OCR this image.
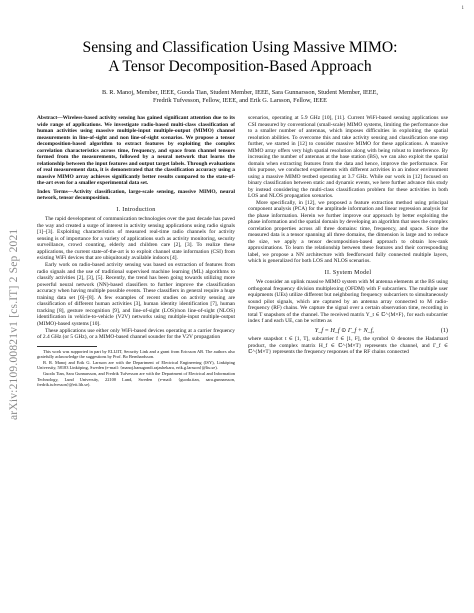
1
arXiv:2109.00821v1 [cs.IT] 2 Sep 2021
Sensing and Classification Using Massive MIMO:
A Tensor Decomposition-Based Approach
B. R. Manoj, Member, IEEE, Guoda Tian, Student Member, IEEE, Sara Gunnarsson, Student Member, IEEE,
Fredrik Tufvesson, Fellow, IEEE, and Erik G. Larsson, Fellow, IEEE

Abstract—Wireless-based activity sensing has gained significant attention due to its wide range of applications. We investigate radio-based multi-class classification of human activities using massive multiple-input multiple-output (MIMO) channel measurements in line-of-sight and non line-of-sight scenarios. We propose a tensor decomposition-based algorithm to extract features by exploiting the complex correlation characteristics across time, frequency, and space from channel tensors formed from the measurements, followed by a neural network that learns the relationship between the input features and output target labels. Through evaluations of real measurement data, it is demonstrated that the classification accuracy using a massive MIMO array achieves significantly better results compared to the state-of-the-art even for a smaller experimental data set.

Index Terms—Activity classification, large-scale sensing, massive MIMO, neural network, tensor decomposition.

I. Introduction

The rapid development of communication technologies over the past decade has paved the way and created a surge of interest in activity sensing applications using radio signals [1]–[3]. Exploiting characteristics of measured real-time radio channels for activity sensing is of importance for a variety of applications such as activity monitoring, security surveillance, crowd counting, elderly and children care [2], [3]. To realize these applications, the current state-of-the-art is to exploit channel state information (CSI) from existing WiFi devices that are ubiquitously available indoors [4].

Early work on radio-based activity sensing was based on extraction of features from radio signals and the use of traditional supervised machine learning (ML) algorithms to classify activities [2], [3], [5]. Recently, the trend has been going towards utilizing more powerful neural network (NN)-based classifiers to further improve the classification accuracy when having multiple possible events. These classifiers in general require a huge training data set [6]–[8]. A few examples of recent studies on activity sensing are classification of different human activities [3], human identity identification [7], human tracking [8], gesture recognition [9], and line-of-sight (LOS)/non line-of-sight (NLOS) identification in vehicle-to-vehicle (V2V) networks using multiple-input multiple-output (MIMO)-based systems [10].

These applications use either only WiFi-based devices operating at a carrier frequency of 2.4 GHz (or 5 GHz), or a MIMO-based channel sounder for the V2V propagation

This work was supported in part by ELLIIT, Security Link and a grant from Ericsson AB. The authors also gratefully acknowledge the suggestions by Prof. Bo Bernhardsson.

B. R. Manoj and Erik G. Larsson are with the Department of Electrical Engineering (ISY), Linköping University, 58183 Linköping, Sweden (e-mail: {manoj.banugondi.rajashekara, erik.g.larsson}@liu.se).

Guoda Tian, Sara Gunnarsson, and Fredrik Tufvesson are with the Department of Electrical and Information Technology, Lund University, 22100 Lund, Sweden (e-mail: {guoda.tian, sara.gunnarsson, fredrik.tufvesson}@eit.lth.se).

scenarios, operating at 5.9 GHz [10], [11]. Current WiFi-based sensing applications use CSI measured by conventional (small-scale) MIMO systems, limiting the performance due to a smaller number of antennas, which imposes difficulties in exploiting the spatial resolution abilities. To overcome this and take activity sensing and classification one step further, we started in [12] to consider massive MIMO for these applications. A massive MIMO array offers very high spatial resolution along with being robust to interference. By increasing the number of antennas at the base station (BS), we can also exploit the spatial domain when extracting features from the data and hence, improve the performance. For this purpose, we conducted experiments with different activities in an indoor environment using a massive MIMO testbed operating at 3.7 GHz. While our work in [12] focused on binary classification between static and dynamic events, we here further advance this study by instead considering the multi-class classification problem for these activities in both LOS and NLOS propagation scenarios.

More specifically, in [12], we proposed a feature extraction method using principal component analysis (PCA) for the amplitude information and linear regression analysis for the phase information. Herein we further improve our approach by better exploiting the phase information and the spatial domain by developing an algorithm that uses the complex correlation properties across all three domains: time, frequency, and space. Since the measured data is a tensor spanning all three domains, the dimension is large and to reduce the size, we apply a tensor decomposition-based approach to obtain low-rank approximations. To learn the relationship between these features and their corresponding label, we propose a NN architecture with feedforward fully connected multiple layers, which is generalized for both LOS and NLOS scenarios.

II. System Model

We consider an uplink massive MIMO system with M antenna elements at the BS using orthogonal frequency division multiplexing (OFDM) with F subcarriers. The multiple user equipments (UEs) utilize different but neighboring frequency subcarriers to simultaneously sound pilot signals, which are captured by an antenna array connected to M radio-frequency (RF) chains. We capture the signal over a certain observation time, recording in total T snapshots of the channel. The received matrix Y_t ∈ ℂ^{M×F}, for each subcarrier index f and each UE, can be written as

Y_f = H_f ⊙ Γ_f + N_f,	(1)

where snapshot t ∈ [1, T], subcarrier f ∈ [1, F], the symbol ⊙ denotes the Hadamard product, the complex matrix H_f ∈ ℂ^{M×T} represents the channel, and Γ_f ∈ ℂ^{M×T} represents the frequency responses of the RF chains connected
